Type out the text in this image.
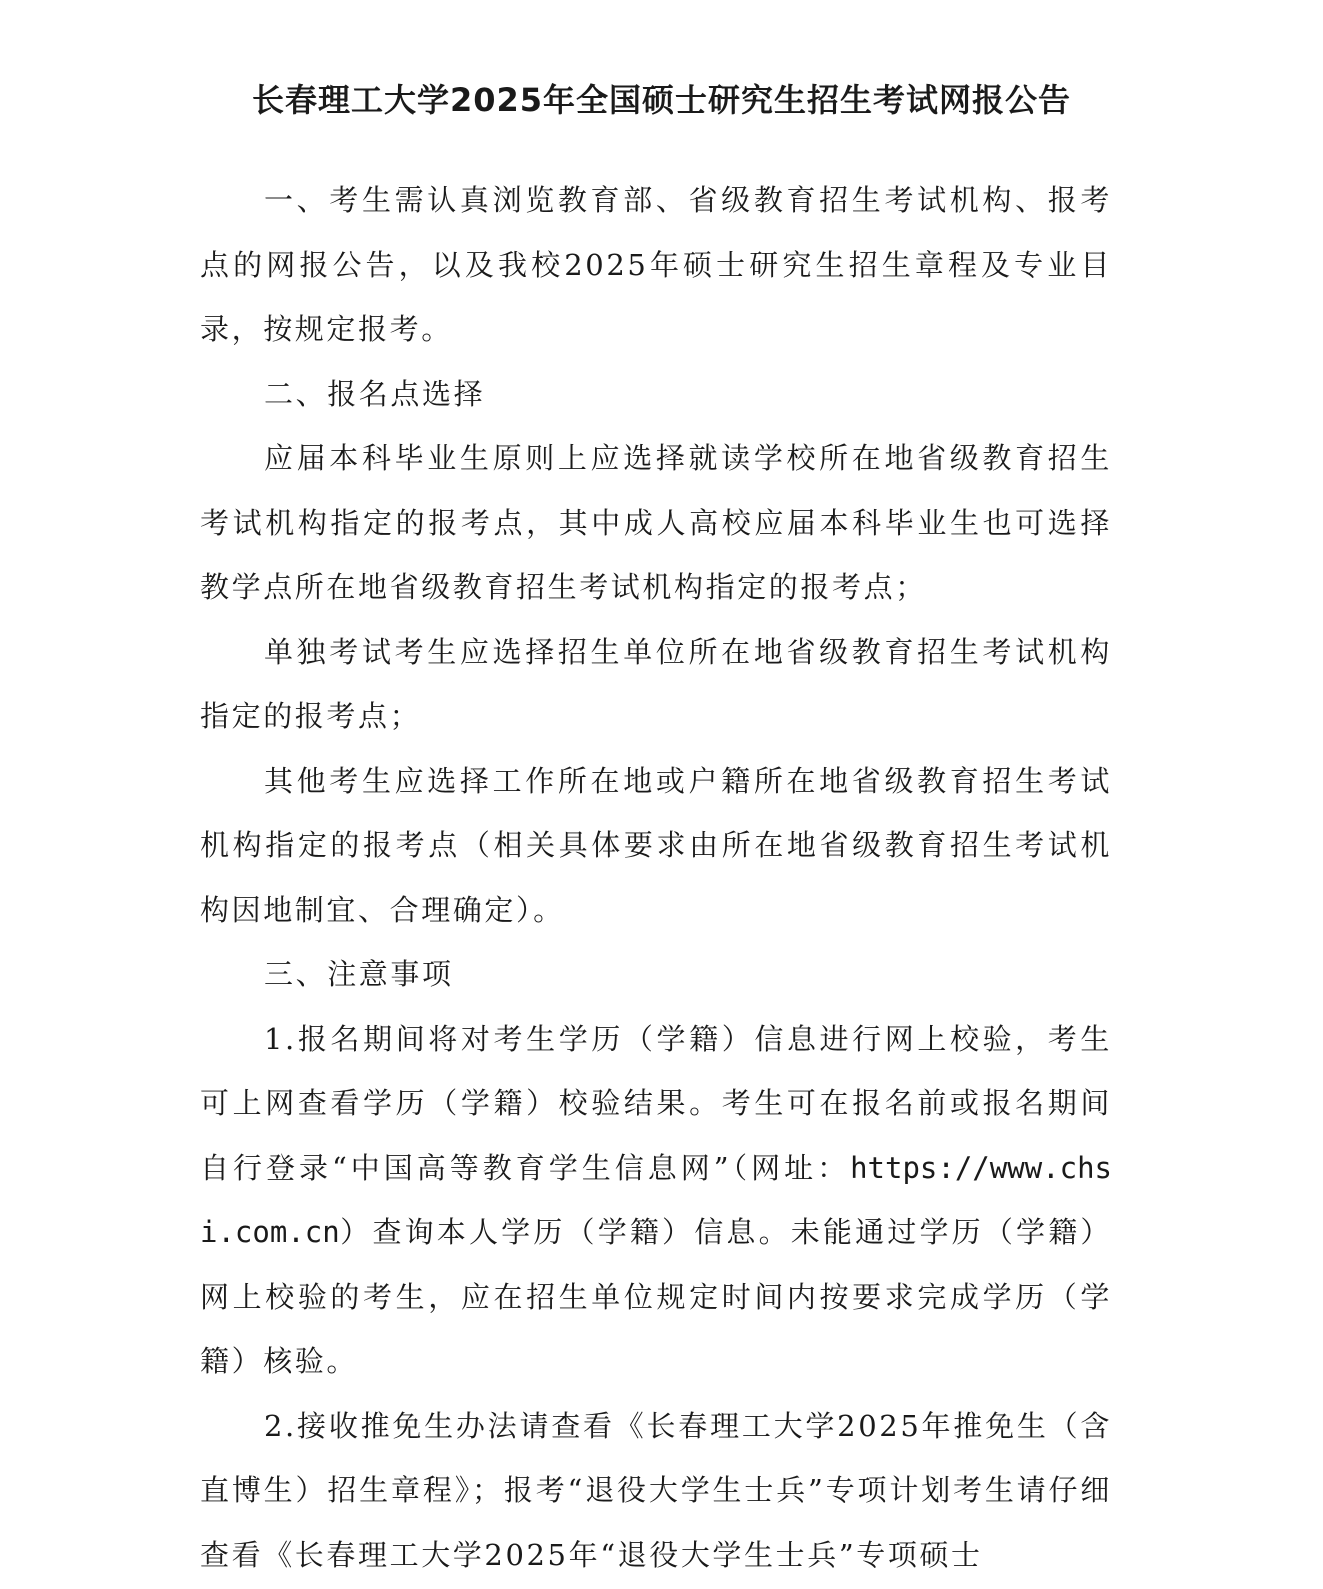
长春理工大学2025年全国硕士研究生招生考试网报公告

一、考生需认真浏览教育部、省级教育招生考试机构、报考点的网报公告，以及我校2025年硕士研究生招生章程及专业目录，按规定报考。

二、报名点选择

应届本科毕业生原则上应选择就读学校所在地省级教育招生考试机构指定的报考点，其中成人高校应届本科毕业生也可选择教学点所在地省级教育招生考试机构指定的报考点；

单独考试考生应选择招生单位所在地省级教育招生考试机构指定的报考点；

其他考生应选择工作所在地或户籍所在地省级教育招生考试机构指定的报考点（相关具体要求由所在地省级教育招生考试机构因地制宜、合理确定）。

三、注意事项

1.报名期间将对考生学历（学籍）信息进行网上校验，考生可上网查看学历（学籍）校验结果。考生可在报名前或报名期间自行登录“中国高等教育学生信息网”（网址：https://www.chsi.com.cn）查询本人学历（学籍）信息。未能通过学历（学籍）网上校验的考生，应在招生单位规定时间内按要求完成学历（学籍）核验。

2.接收推免生办法请查看《长春理工大学2025年推免生（含直博生）招生章程》；报考“退役大学生士兵”专项计划考生请仔细查看《长春理工大学2025年“退役大学生士兵”专项硕士
